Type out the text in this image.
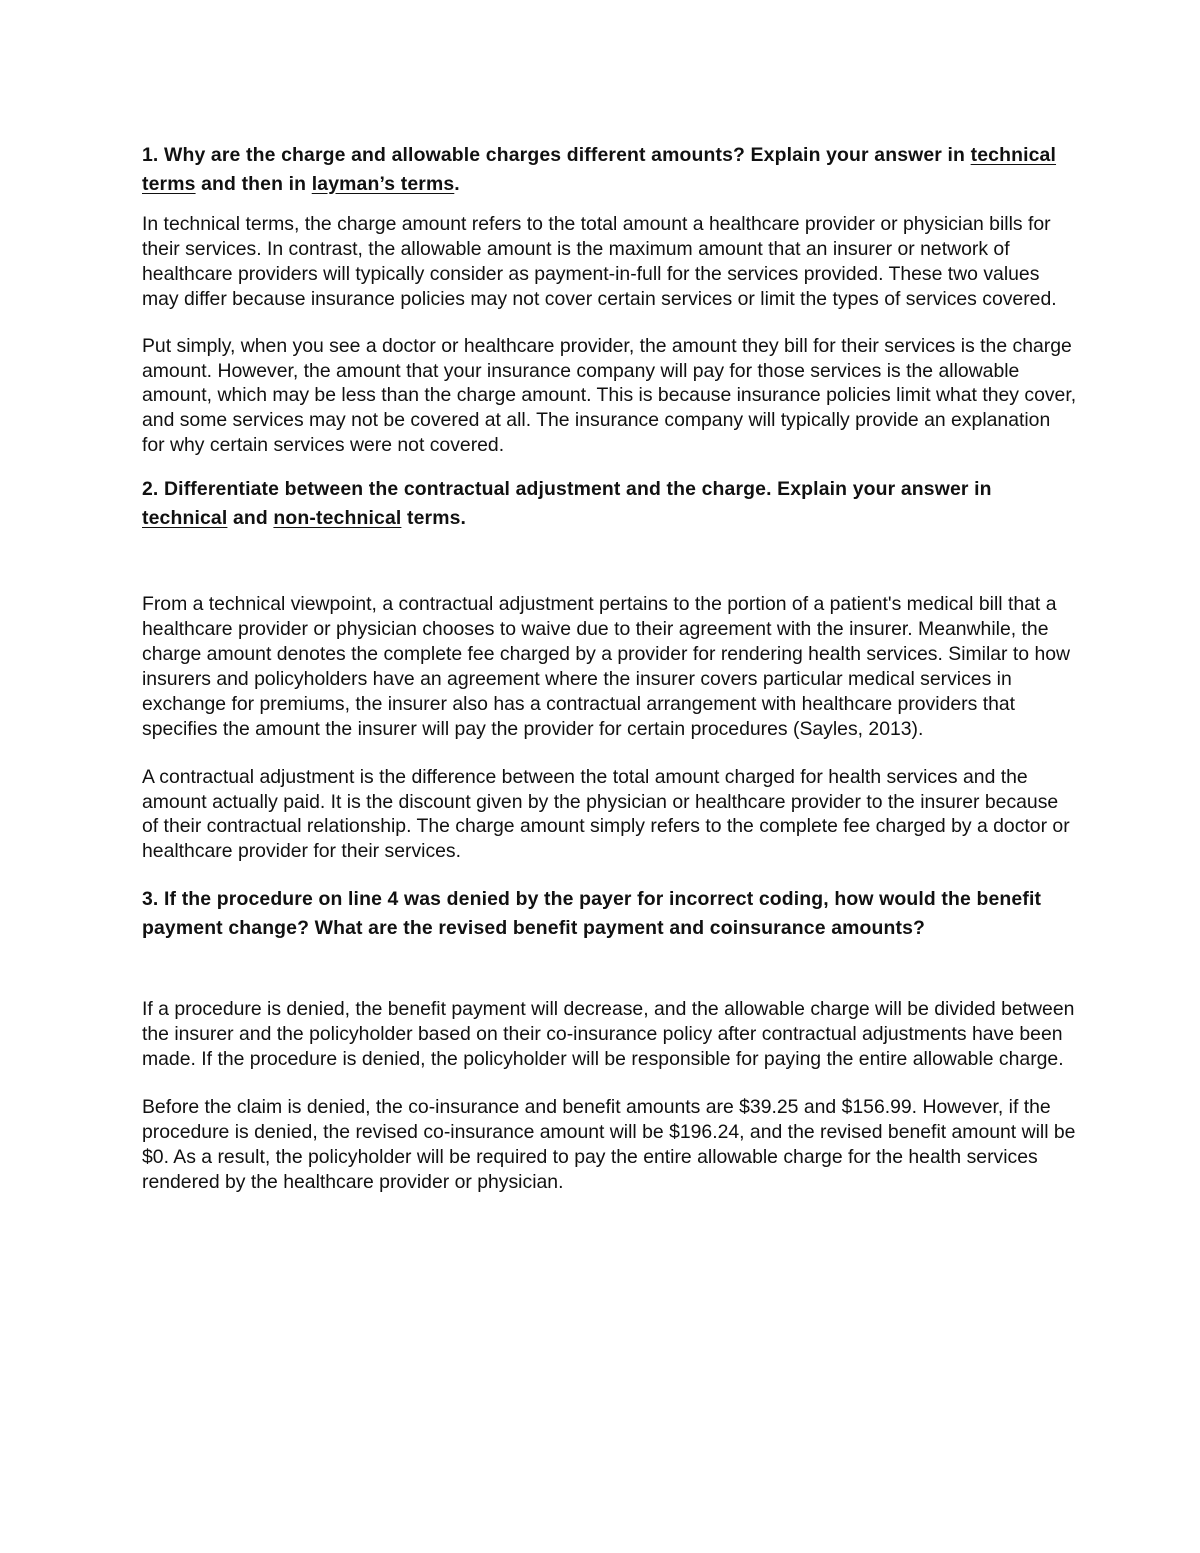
1. Why are the charge and allowable charges different amounts? Explain your answer in technical terms and then in layman’s terms.

In technical terms, the charge amount refers to the total amount a healthcare provider or physician bills for their services. In contrast, the allowable amount is the maximum amount that an insurer or network of healthcare providers will typically consider as payment-in-full for the services provided. These two values may differ because insurance policies may not cover certain services or limit the types of services covered.

Put simply, when you see a doctor or healthcare provider, the amount they bill for their services is the charge amount. However, the amount that your insurance company will pay for those services is the allowable amount, which may be less than the charge amount. This is because insurance policies limit what they cover, and some services may not be covered at all. The insurance company will typically provide an explanation for why certain services were not covered.

2. Differentiate between the contractual adjustment and the charge. Explain your answer in technical and non-technical terms.

From a technical viewpoint, a contractual adjustment pertains to the portion of a patient's medical bill that a healthcare provider or physician chooses to waive due to their agreement with the insurer. Meanwhile, the charge amount denotes the complete fee charged by a provider for rendering health services. Similar to how insurers and policyholders have an agreement where the insurer covers particular medical services in exchange for premiums, the insurer also has a contractual arrangement with healthcare providers that specifies the amount the insurer will pay the provider for certain procedures (Sayles, 2013).

A contractual adjustment is the difference between the total amount charged for health services and the amount actually paid. It is the discount given by the physician or healthcare provider to the insurer because of their contractual relationship. The charge amount simply refers to the complete fee charged by a doctor or healthcare provider for their services.

3. If the procedure on line 4 was denied by the payer for incorrect coding, how would the benefit payment change? What are the revised benefit payment and coinsurance amounts?

If a procedure is denied, the benefit payment will decrease, and the allowable charge will be divided between the insurer and the policyholder based on their co-insurance policy after contractual adjustments have been made. If the procedure is denied, the policyholder will be responsible for paying the entire allowable charge.

Before the claim is denied, the co-insurance and benefit amounts are $39.25 and $156.99. However, if the procedure is denied, the revised co-insurance amount will be $196.24, and the revised benefit amount will be $0. As a result, the policyholder will be required to pay the entire allowable charge for the health services rendered by the healthcare provider or physician.
